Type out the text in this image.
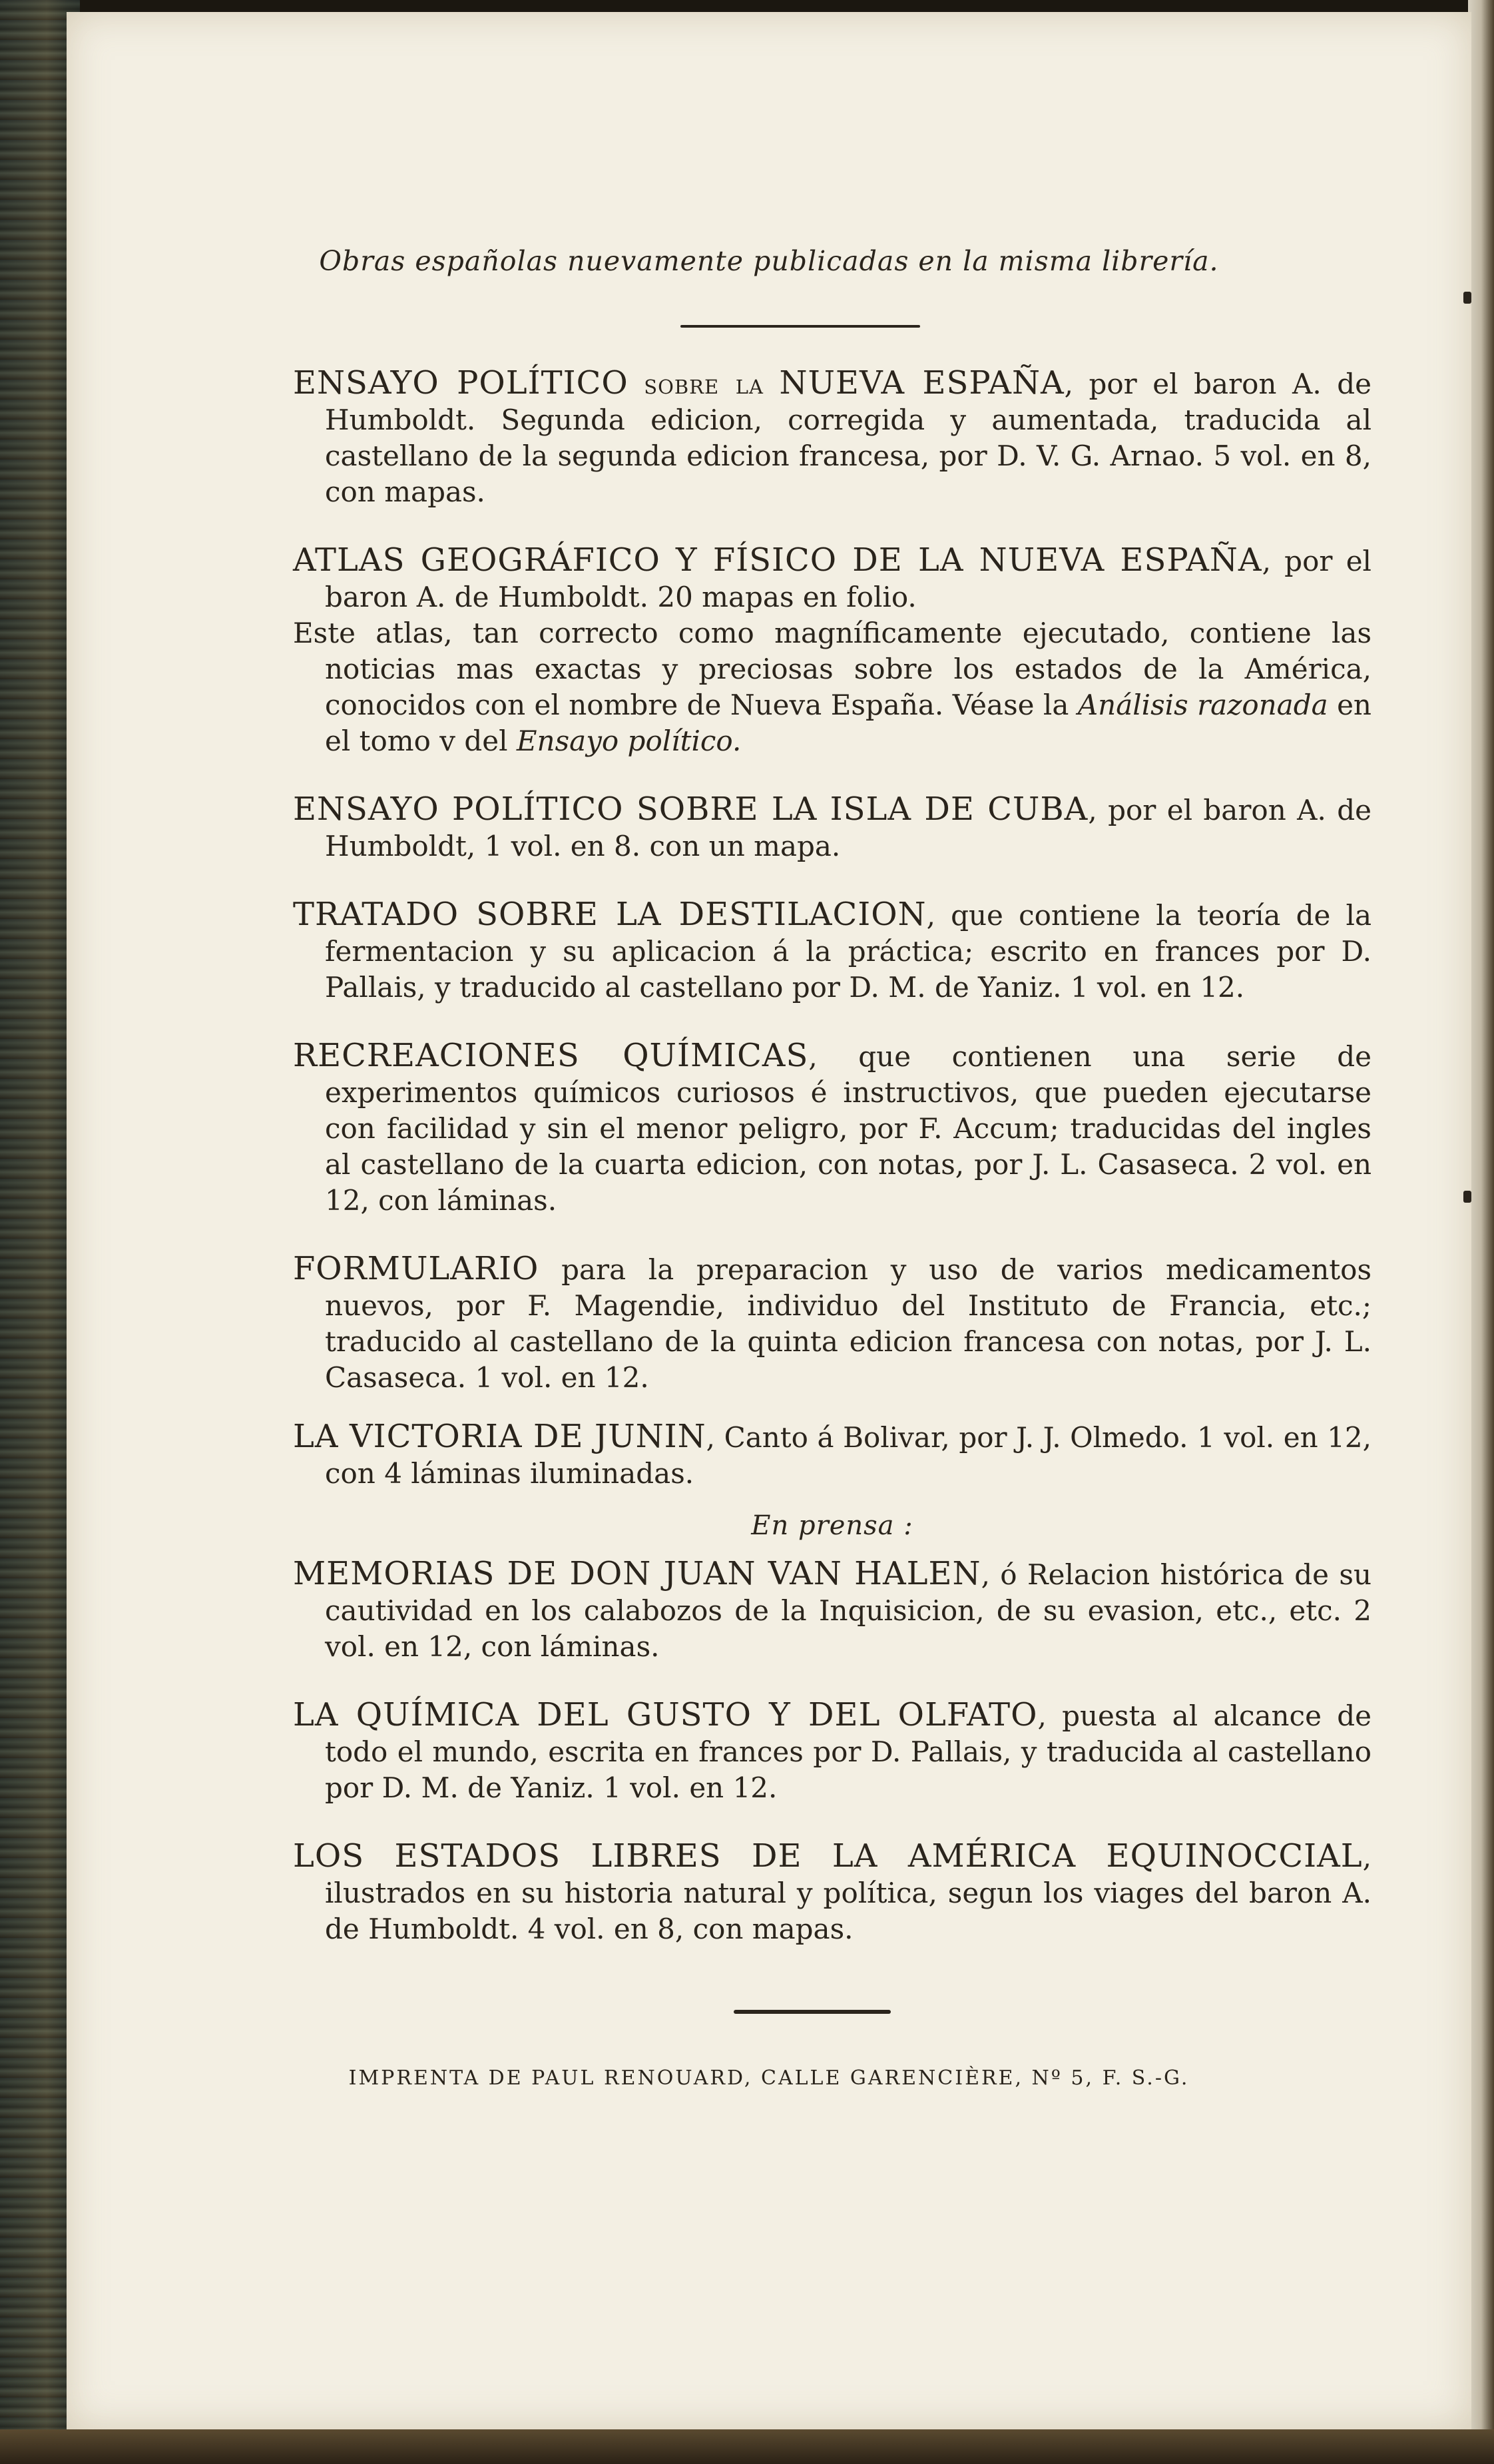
Obras españolas nuevamente publicadas en la misma librería.
ENSAYO POLÍTICO sobre la NUEVA ESPAÑA, por el baron A. de Humboldt. Segunda edicion, corregida y aumentada, traducida al castellano de la segunda edicion francesa, por D. V. G. Arnao. 5 vol. en 8, con mapas.
ATLAS GEOGRÁFICO Y FÍSICO DE LA NUEVA ESPAÑA, por el baron A. de Humboldt. 20 mapas en folio.
Este atlas, tan correcto como magníficamente ejecutado, contiene las noticias mas exactas y preciosas sobre los estados de la América, conocidos con el nombre de Nueva España. Véase la Análisis razonada en el tomo v del Ensayo político.
ENSAYO POLÍTICO SOBRE LA ISLA DE CUBA, por el baron A. de Humboldt, 1 vol. en 8. con un mapa.
TRATADO SOBRE LA DESTILACION, que contiene la teoría de la fermentacion y su aplicacion á la práctica; escrito en frances por D. Pallais, y traducido al castellano por D. M. de Yaniz. 1 vol. en 12.
RECREACIONES QUÍMICAS, que contienen una serie de experimentos químicos curiosos é instructivos, que pueden ejecutarse con facilidad y sin el menor peligro, por F. Accum; traducidas del ingles al castellano de la cuarta edicion, con notas, por J. L. Casaseca. 2 vol. en 12, con láminas.
FORMULARIO para la preparacion y uso de varios medicamentos nuevos, por F. Magendie, individuo del Instituto de Francia, etc.; traducido al castellano de la quinta edicion francesa con notas, por J. L. Casaseca. 1 vol. en 12.
LA VICTORIA DE JUNIN, Canto á Bolivar, por J. J. Olmedo. 1 vol. en 12, con 4 láminas iluminadas.
En prensa :
MEMORIAS DE DON JUAN VAN HALEN, ó Relacion histórica de su cautividad en los calabozos de la Inquisicion, de su evasion, etc., etc. 2 vol. en 12, con láminas.
LA QUÍMICA DEL GUSTO Y DEL OLFATO, puesta al alcance de todo el mundo, escrita en frances por D. Pallais, y traducida al castellano por D. M. de Yaniz. 1 vol. en 12.
LOS ESTADOS LIBRES DE LA AMÉRICA EQUINOCCIAL, ilustrados en su historia natural y política, segun los viages del baron A. de Humboldt. 4 vol. en 8, con mapas.
IMPRENTA DE PAUL RENOUARD, CALLE GARENCIÈRE, Nº 5, F. S.-G.
